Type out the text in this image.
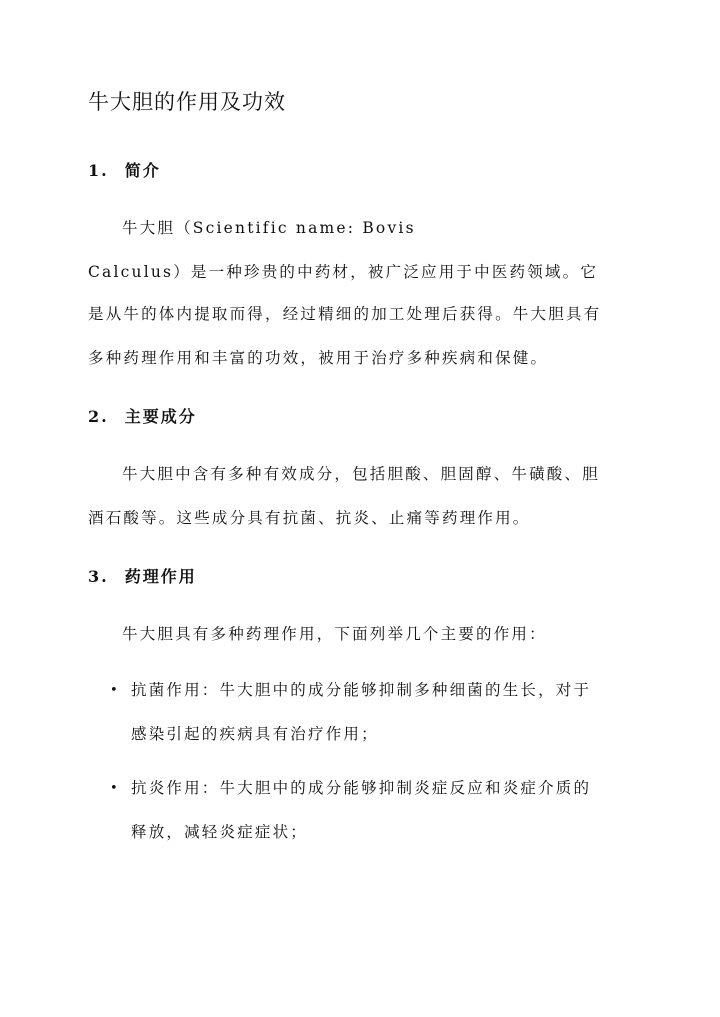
牛大胆的作用及功效
1. 简介

牛大胆（Scientific name: Bovis

Calculus）是一种珍贵的中药材，被广泛应用于中医药领域。它

是从牛的体内提取而得，经过精细的加工处理后获得。牛大胆具有

多种药理作用和丰富的功效，被用于治疗多种疾病和保健。

2. 主要成分

牛大胆中含有多种有效成分，包括胆酸、胆固醇、牛磺酸、胆

酒石酸等。这些成分具有抗菌、抗炎、止痛等药理作用。

3. 药理作用

牛大胆具有多种药理作用，下面列举几个主要的作用：

• 抗菌作用：牛大胆中的成分能够抑制多种细菌的生长，对于

感染引起的疾病具有治疗作用；

• 抗炎作用：牛大胆中的成分能够抑制炎症反应和炎症介质的

释放，减轻炎症症状；
